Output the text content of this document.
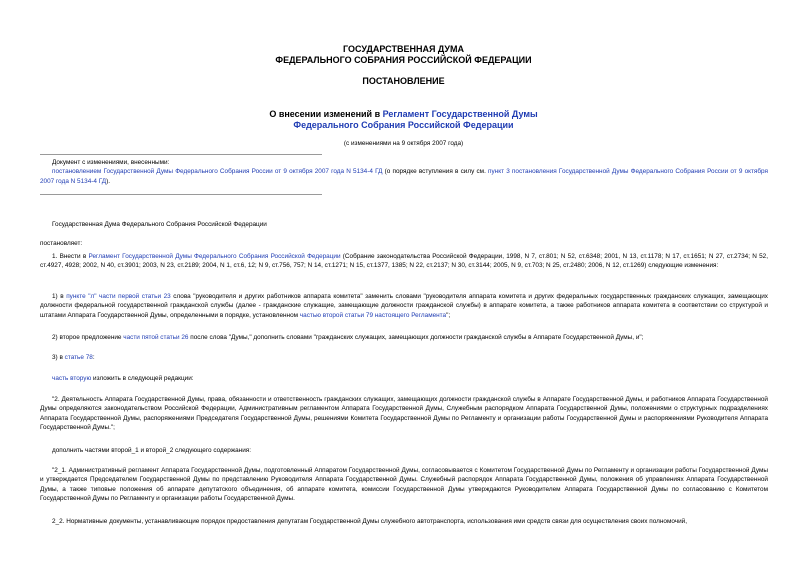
ГОСУДАРСТВЕННАЯ ДУМА

ФЕДЕРАЛЬНОГО СОБРАНИЯ РОССИЙСКОЙ ФЕДЕРАЦИИ

ПОСТАНОВЛЕНИЕ

О внесении изменений в Регламент Государственной Думы
Федерального Собрания Российской Федерации
(с изменениями на 9 октября 2007 года)
Документ с изменениями, внесенными:
постановлением Государственной Думы Федерального Собрания России от 9 октября 2007 года N 5134-4 ГД (о порядке вступления в силу см. пункт 3 постановления Государственной Думы Федерального Собрания России от 9 октября 2007 года N 5134-4 ГД).

Государственная Дума Федерального Собрания Российской Федерации

постановляет:

1. Внести в Регламент Государственной Думы Федерального Собрания Российской Федерации (Собрание законодательства Российской Федерации, 1998, N 7, ст.801; N 52, ст.6348; 2001, N 13, ст.1178; N 17, ст.1651; N 27, ст.2734; N 52, ст.4927, 4928; 2002, N 40, ст.3901; 2003, N 23, ст.2189; 2004, N 1, ст.6, 12; N 9, ст.756, 757; N 14, ст.1271; N 15, ст.1377, 1385; N 22, ст.2137; N 30, ст.3144; 2005, N 9, ст.703; N 25, ст.2480; 2006, N 12, ст.1269) следующие изменения:

1) в пункте "л" части первой статьи 23 слова "руководителя и других работников аппарата комитета" заменить словами "руководителя аппарата комитета и других федеральных государственных гражданских служащих, замещающих должности федеральной государственной гражданской службы (далее - гражданские служащие, замещающие должности гражданской службы) в аппарате комитета, а также работников аппарата комитета в соответствии со структурой и штатами Аппарата Государственной Думы, определенными в порядке, установленном частью второй статьи 79 настоящего Регламента";

2) второе предложение части пятой статьи 26 после слова "Думы," дополнить словами "гражданских служащих, замещающих должности гражданской службы в Аппарате Государственной Думы, и";

3) в статье 78:

часть вторую изложить в следующей редакции:

"2. Деятельность Аппарата Государственной Думы, права, обязанности и ответственность гражданских служащих, замещающих должности гражданской службы в Аппарате Государственной Думы, и работников Аппарата Государственной Думы определяются законодательством Российской Федерации, Административным регламентом Аппарата Государственной Думы, Служебным распорядком Аппарата Государственной Думы, положениями о структурных подразделениях Аппарата Государственной Думы, распоряжениями Председателя Государственной Думы, решениями Комитета Государственной Думы по Регламенту и организации работы Государственной Думы и распоряжениями Руководителя Аппарата Государственной Думы.";

дополнить частями второй_1 и второй_2 следующего содержания:

"2_1. Административный регламент Аппарата Государственной Думы, подготовленный Аппаратом Государственной Думы, согласовывается с Комитетом Государственной Думы по Регламенту и организации работы Государственной Думы и утверждается Председателем Государственной Думы по представлению Руководителя Аппарата Государственной Думы. Служебный распорядок Аппарата Государственной Думы, положения об управлениях Аппарата Государственной Думы, а также типовые положения об аппарате депутатского объединения, об аппарате комитета, комиссии Государственной Думы утверждаются Руководителем Аппарата Государственной Думы по согласованию с Комитетом Государственной Думы по Регламенту и организации работы Государственной Думы.

2_2. Нормативные документы, устанавливающие порядок предоставления депутатам Государственной Думы служебного автотранспорта, использования ими средств связи для осуществления своих полномочий,
